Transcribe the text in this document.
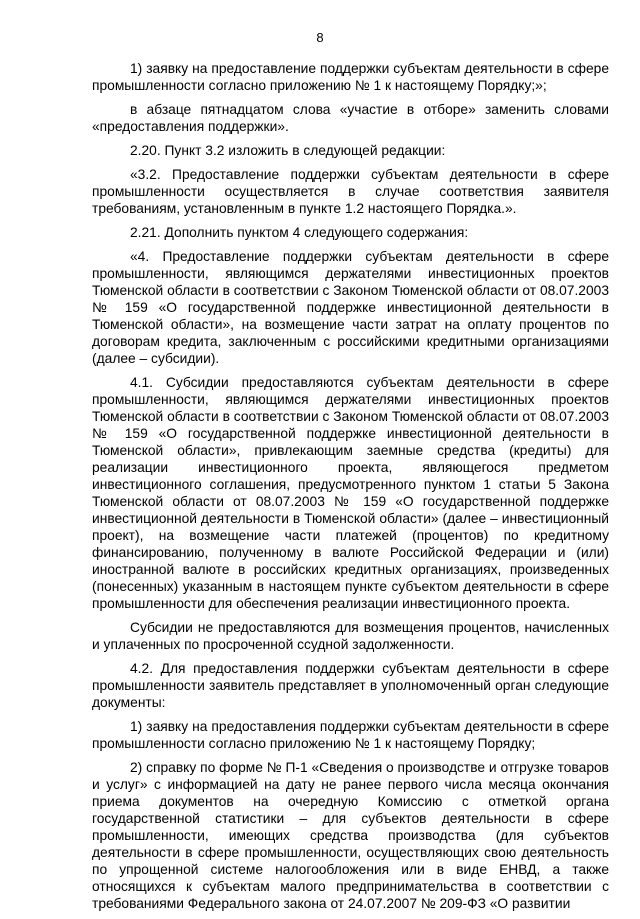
8

1) заявку на предоставление поддержки субъектам деятельности в сфере промышленности согласно приложению № 1 к настоящему Порядку;»;

в абзаце пятнадцатом слова «участие в отборе» заменить словами «предоставления поддержки».

2.20. Пункт 3.2 изложить в следующей редакции:

«3.2. Предоставление поддержки субъектам деятельности в сфере промышленности осуществляется в случае соответствия заявителя требованиям, установленным в пункте 1.2 настоящего Порядка.».

2.21. Дополнить пунктом 4 следующего содержания:

«4. Предоставление поддержки субъектам деятельности в сфере промышленности, являющимся держателями инвестиционных проектов Тюменской области в соответствии с Законом Тюменской области от 08.07.2003 № 159 «О государственной поддержке инвестиционной деятельности в Тюменской области», на возмещение части затрат на оплату процентов по договорам кредита, заключенным с российскими кредитными организациями (далее – субсидии).

4.1. Субсидии предоставляются субъектам деятельности в сфере промышленности, являющимся держателями инвестиционных проектов Тюменской области в соответствии с Законом Тюменской области от 08.07.2003 № 159 «О государственной поддержке инвестиционной деятельности в Тюменской области», привлекающим заемные средства (кредиты) для реализации инвестиционного проекта, являющегося предметом инвестиционного соглашения, предусмотренного пунктом 1 статьи 5 Закона Тюменской области от 08.07.2003 № 159 «О государственной поддержке инвестиционной деятельности в Тюменской области» (далее – инвестиционный проект), на возмещение части платежей (процентов) по кредитному финансированию, полученному в валюте Российской Федерации и (или) иностранной валюте в российских кредитных организациях, произведенных (понесенных) указанным в настоящем пункте субъектом деятельности в сфере промышленности для обеспечения реализации инвестиционного проекта.

Субсидии не предоставляются для возмещения процентов, начисленных и уплаченных по просроченной ссудной задолженности.

4.2. Для предоставления поддержки субъектам деятельности в сфере промышленности заявитель представляет в уполномоченный орган следующие документы:

1) заявку на предоставления поддержки субъектам деятельности в сфере промышленности согласно приложению № 1 к настоящему Порядку;

2) справку по форме № П-1 «Сведения о производстве и отгрузке товаров и услуг» с информацией на дату не ранее первого числа месяца окончания приема документов на очередную Комиссию с отметкой органа государственной статистики – для субъектов деятельности в сфере промышленности, имеющих средства производства (для субъектов деятельности в сфере промышленности, осуществляющих свою деятельность по упрощенной системе налогообложения или в виде ЕНВД, а также относящихся к субъектам малого предпринимательства в соответствии с требованиями Федерального закона от 24.07.2007 № 209-ФЗ «О развитии
